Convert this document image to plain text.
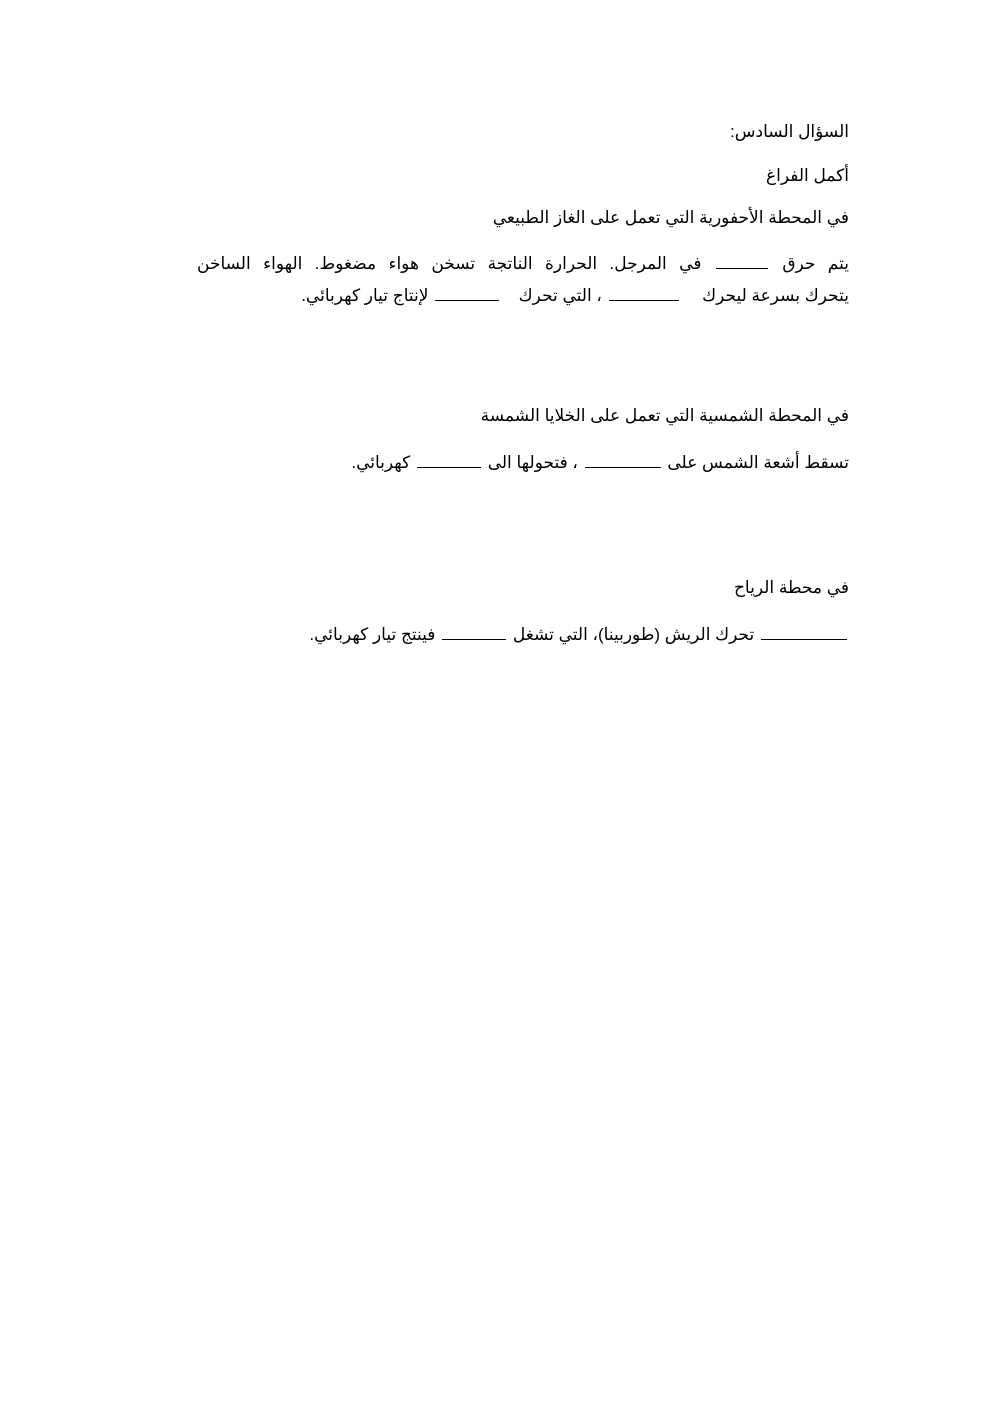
السؤال السادس:
أكمل الفراغ
في المحطة الأحفورية التي تعمل على الغاز الطبيعي
يتم حرق  في المرجل. الحرارة الناتجة تسخن هواء مضغوط. الهواء الساخن
يتحرك بسرعة ليحرك   ، التي تحرك   لإنتاج تيار كهربائي.
في المحطة الشمسية التي تعمل على الخلايا الشمسة
تسقط أشعة الشمس على  ، فتحولها الى  كهربائي.
في محطة الرياح
تحرك الريش (طوربينا)، التي تشغل  فينتج تيار كهربائي.
